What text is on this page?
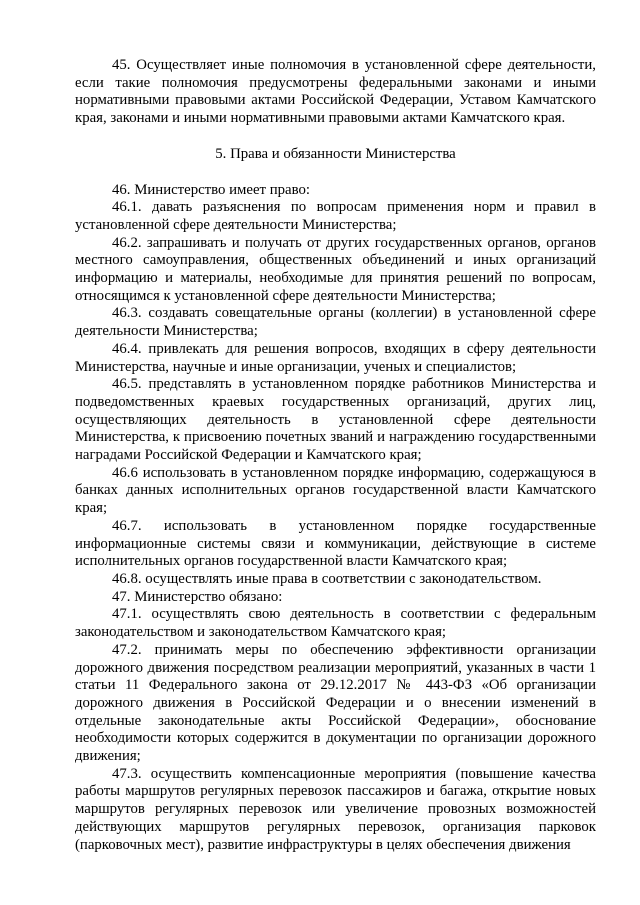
45. Осуществляет иные полномочия в установленной сфере деятельности, если такие полномочия предусмотрены федеральными законами и иными нормативными правовыми актами Российской Федерации, Уставом Камчатского края, законами и иными нормативными правовыми актами Камчатского края.

5. Права и обязанности Министерства

46. Министерство имеет право:

46.1. давать разъяснения по вопросам применения норм и правил в установленной сфере деятельности Министерства;

46.2. запрашивать и получать от других государственных органов, органов местного самоуправления, общественных объединений и иных организаций информацию и материалы, необходимые для принятия решений по вопросам, относящимся к установленной сфере деятельности Министерства;

46.3. создавать совещательные органы (коллегии) в установленной сфере деятельности Министерства;

46.4. привлекать для решения вопросов, входящих в сферу деятельности Министерства, научные и иные организации, ученых и специалистов;

46.5. представлять в установленном порядке работников Министерства и подведомственных краевых государственных организаций, других лиц, осуществляющих деятельность в установленной сфере деятельности Министерства, к присвоению почетных званий и награждению государственными наградами Российской Федерации и Камчатского края;

46.6 использовать в установленном порядке информацию, содержащуюся в банках данных исполнительных органов государственной власти Камчатского края;

46.7. использовать в установленном порядке государственные информационные системы связи и коммуникации, действующие в системе исполнительных органов государственной власти Камчатского края;

46.8. осуществлять иные права в соответствии с законодательством.

47. Министерство обязано:

47.1. осуществлять свою деятельность в соответствии с федеральным законодательством и законодательством Камчатского края;

47.2. принимать меры по обеспечению эффективности организации дорожного движения посредством реализации мероприятий, указанных в части 1 статьи 11 Федерального закона от 29.12.2017 № 443-ФЗ «Об организации дорожного движения в Российской Федерации и о внесении изменений в отдельные законодательные акты Российской Федерации», обоснование необходимости которых содержится в документации по организации дорожного движения;

47.3. осуществить компенсационные мероприятия (повышение качества работы маршрутов регулярных перевозок пассажиров и багажа, открытие новых маршрутов регулярных перевозок или увеличение провозных возможностей действующих маршрутов регулярных перевозок, организация парковок (парковочных мест), развитие инфраструктуры в целях обеспечения движения
